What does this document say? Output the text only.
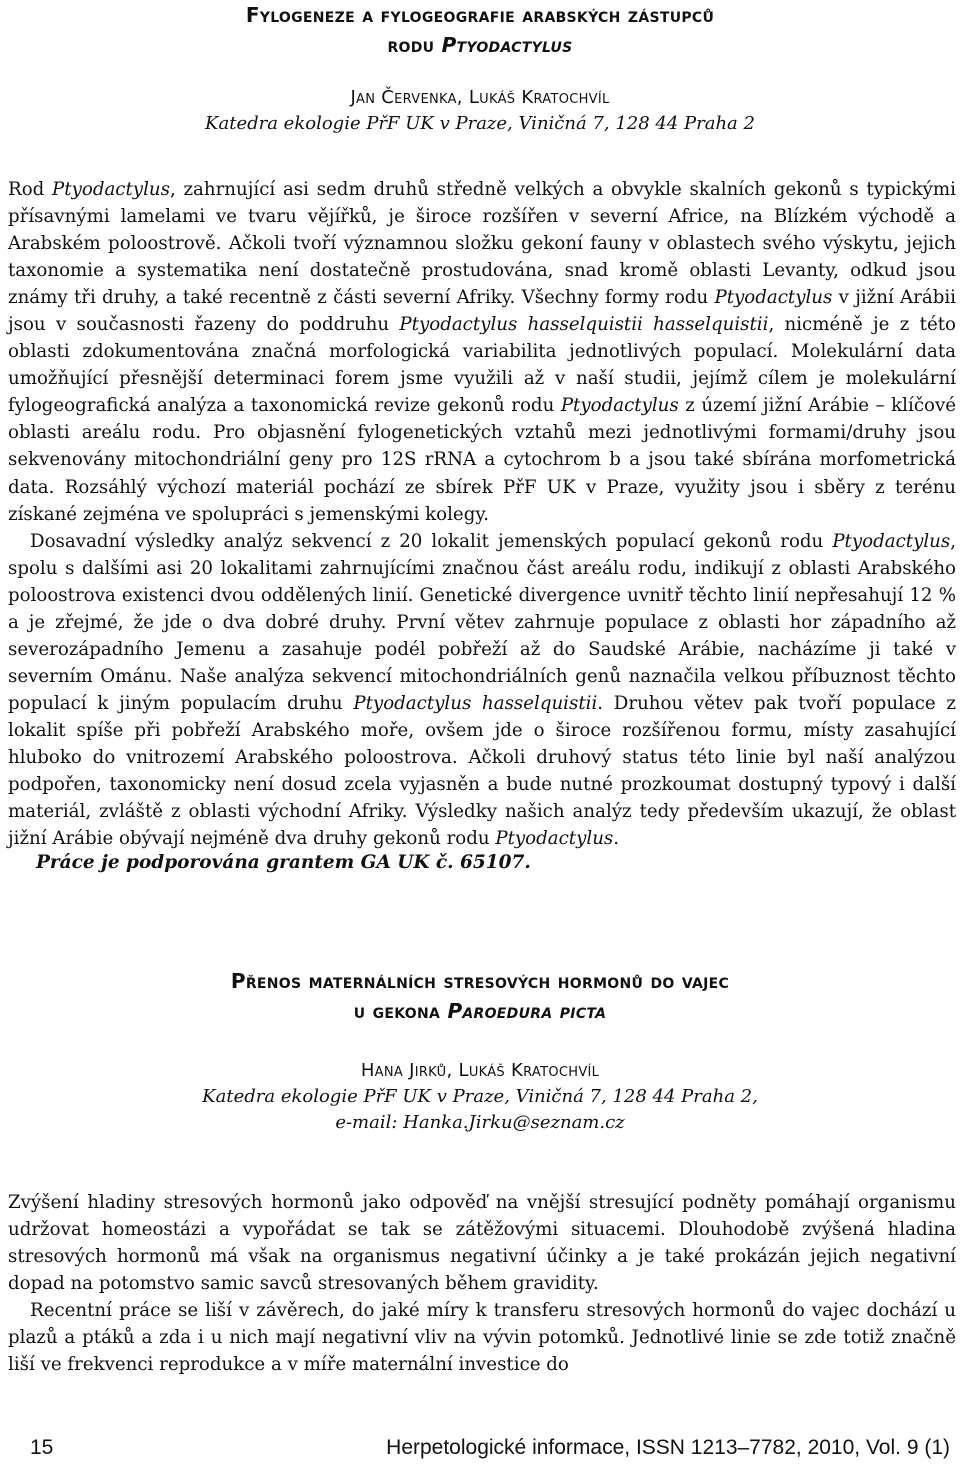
Fylogeneze a fylogeografie arabských zástupců
rodu Ptyodactylus
Jan Červenka, Lukáš Kratochvíl
Katedra ekologie PřF UK v Praze, Viničná 7, 128 44 Praha 2

Rod Ptyodactylus, zahrnující asi sedm druhů středně velkých a obvykle skalních gekonů s typickými přísavnými lamelami ve tvaru vějířků, je široce rozšířen v severní Africe, na Blízkém východě a Arabském poloostrově. Ačkoli tvoří významnou složku gekoní fauny v oblastech svého výskytu, jejich taxonomie a systematika není dostatečně prostudována, snad kromě oblasti Levanty, odkud jsou známy tři druhy, a také recentně z části severní Afriky. Všechny formy rodu Ptyodactylus v jižní Arábii jsou v současnosti řazeny do poddruhu Ptyodactylus hasselquistii hasselquistii, nicméně je z této oblasti zdokumentována značná morfologická variabilita jednotlivých populací. Molekulární data umožňující přesnější determinaci forem jsme využili až v naší studii, jejímž cílem je molekulární fylogeografická analýza a taxonomická revize gekonů rodu Ptyodactylus z území jižní Arábie – klíčové oblasti areálu rodu. Pro objasnění fylogenetických vztahů mezi jednotlivými formami/druhy jsou sekvenovány mitochondriální geny pro 12S rRNA a cytochrom b a jsou také sbírána morfometrická data. Rozsáhlý výchozí materiál pochází ze sbírek PřF UK v Praze, využity jsou i sběry z terénu získané zejména ve spolupráci s jemenskými kolegy.

Dosavadní výsledky analýz sekvencí z 20 lokalit jemenských populací gekonů rodu Ptyodactylus, spolu s dalšími asi 20 lokalitami zahrnujícími značnou část areálu rodu, indikují z oblasti Arabského poloostrova existenci dvou oddělených linií. Genetické divergence uvnitř těchto linií nepřesahují 12 % a je zřejmé, že jde o dva dobré druhy. První větev zahrnuje populace z oblasti hor západního až severozápadního Jemenu a zasahuje podél pobřeží až do Saudské Arábie, nacházíme ji také v severním Ománu. Naše analýza sekvencí mitochondriálních genů naznačila velkou příbuznost těchto populací k jiným populacím druhu Ptyodactylus hasselquistii. Druhou větev pak tvoří populace z lokalit spíše při pobřeží Arabského moře, ovšem jde o široce rozšířenou formu, místy zasahující hluboko do vnitrozemí Arabského poloostrova. Ačkoli druhový status této linie byl naší analýzou podpořen, taxonomicky není dosud zcela vyjasněn a bude nutné prozkoumat dostupný typový i další materiál, zvláště z oblasti východní Afriky. Výsledky našich analýz tedy především ukazují, že oblast jižní Arábie obývají nejméně dva druhy gekonů rodu Ptyodactylus.

Práce je podporována grantem GA UK č. 65107.

Přenos maternálních stresových hormonů do vajec
u gekona Paroedura picta
Hana Jirků, Lukáš Kratochvíl
Katedra ekologie PřF UK v Praze, Viničná 7, 128 44 Praha 2,
e-mail: Hanka.Jirku@seznam.cz

Zvýšení hladiny stresových hormonů jako odpověď na vnější stresující podněty pomáhají organismu udržovat homeostázi a vypořádat se tak se zátěžovými situacemi. Dlouhodobě zvýšená hladina stresových hormonů má však na organismus negativní účinky a je také prokázán jejich negativní dopad na potomstvo samic savců stresovaných během gravidity.

Recentní práce se liší v závěrech, do jaké míry k transferu stresových hormonů do vajec dochází u plazů a ptáků a zda i u nich mají negativní vliv na vývin potomků. Jednotlivé linie se zde totiž značně liší ve frekvenci reprodukce a v míře maternální investice do

15	Herpetologické informace, ISSN 1213–7782, 2010, Vol. 9 (1)
